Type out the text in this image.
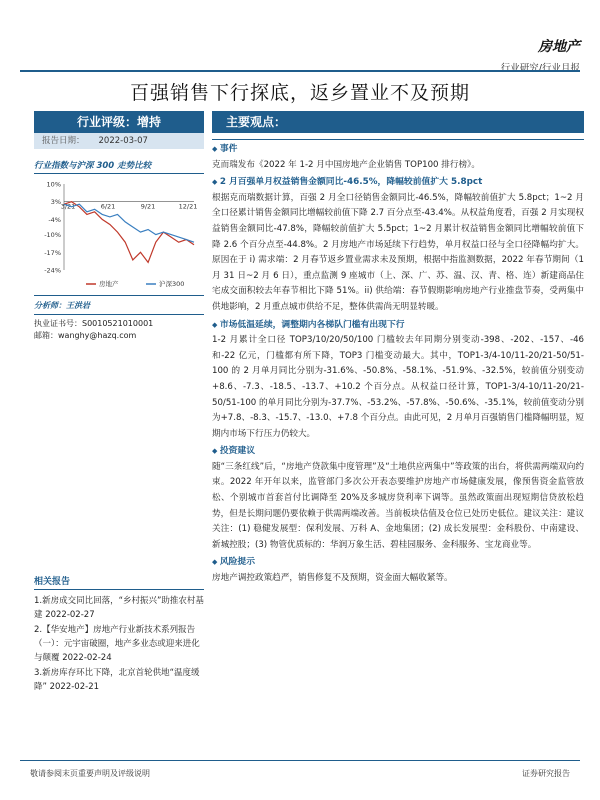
房地产
行业研究/行业月报
百强销售下行探底，返乡置业不及预期
行业评级：增持
报告日期： 2022-03-07
行业指数与沪深 300 走势比较
10%
3%
-4%
-10%
-17%
-24%
3/21	6/21	9/21	12/21
房地产	沪深300
分析师：王洪岩
执业证书号：S0010521010001
邮箱：wanghy@hazq.com
相关报告
1.新房成交同比回落，“乡村振兴”助推农村基建 2022-02-27
2.【华安地产】房地产行业新技术系列报告（一）：元宇宙破圈，地产多业态或迎来进化与颠覆 2022-02-24
3.新房库存环比下降，北京首轮供地“温度缓降” 2022-02-21
主要观点：
◆ 事件
克而瑞发布《2022 年 1-2 月中国房地产企业销售 TOP100 排行榜》。
◆ 2 月百强单月权益销售金额同比-46.5%，降幅较前值扩大 5.8pct
根据克而瑞数据计算，百强 2 月全口径销售金额同比-46.5%，降幅较前值扩大 5.8pct；1~2 月全口径累计销售金额同比增幅较前值下降 2.7 百分点至-43.4%。从权益角度看，百强 2 月实现权益销售金额同比-47.8%，降幅较前值扩大 5.5pct；1~2 月累计权益销售金额同比增幅较前值下降 2.6 个百分点至-44.8%。2 月房地产市场延续下行趋势，单月权益口径与全口径降幅均扩大。原因在于 i) 需求端：2 月春节返乡置业需求未及预期，根据中指监测数据，2022 年春节期间（1 月 31 日~2 月 6 日），重点监测 9 座城市（上、深、广、苏、温、汉、青、格、连）新建商品住宅成交面积较去年春节相比下降 51%。ii) 供给端：春节假期影响房地产行业推盘节奏，受两集中供地影响，2 月重点城市供给不足，整体供需尚无明显转暖。
◆ 市场低温延续，调整期内各梯队门槛有出现下行
1-2 月累计全口径 TOP3/10/20/50/100 门槛较去年同期分别变动-398、-202、-157、-46 和-22 亿元，门槛都有所下降，TOP3 门槛变动最大。其中，TOP1-3/4-10/11-20/21-50/51-100 的 2 月单月同比分别为-31.6%、-50.8%、-58.1%、-51.9%、-32.5%，较前值分别变动+8.6、-7.3、-18.5、-13.7、+10.2 个百分点。从权益口径计算，TOP1-3/4-10/11-20/21-50/51-100 的单月同比分别为-37.7%、-53.2%、-57.8%、-50.6%、-35.1%，较前值变动分别为+7.8、-8.3、-15.7、-13.0、+7.8 个百分点。由此可见，2 月单月百强销售门槛降幅明显，短期内市场下行压力仍较大。
◆ 投资建议
随“三条红线”后，“房地产贷款集中度管理”及“土地供应两集中”等政策的出台，将供需两端双向约束。2022 年开年以来，监管部门多次公开表态要维护房地产市场健康发展，像预售资金监管放松、个别城市首套首付比调降至 20%及多城房贷利率下调等。虽然政策面出现短期信贷放松趋势，但是长期问题仍要依赖于供需两端改善。当前板块估值及仓位已处历史低位。建议关注：建议关注：(1) 稳健发展型：保利发展、万科 A、金地集团；(2) 成长发展型：金科股份、中南建设、新城控股；(3) 物管优质标的：华润万象生活、碧桂园服务、金科服务、宝龙商业等。
◆ 风险提示
房地产调控政策趋严，销售修复不及预期，资金面大幅收紧等。
敬请参阅末页重要声明及评级说明	证券研究报告
